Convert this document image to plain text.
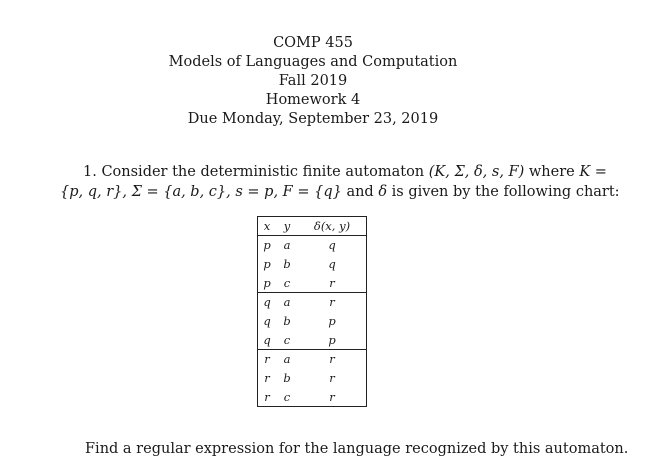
COMP 455
Models of Languages and Computation
Fall 2019
Homework 4
Due Monday, September 23, 2019
1. Consider the deterministic finite automaton (K, Σ, δ, s, F) where K =
{p, q, r}, Σ = {a, b, c}, s = p, F = {q} and δ is given by the following chart:
x	y	δ(x, y)
p	a	q
p	b	q
p	c	r
q	a	r
q	b	p
q	c	p
r	a	r
r	b	r
r	c	r
Find a regular expression for the language recognized by this automaton.
